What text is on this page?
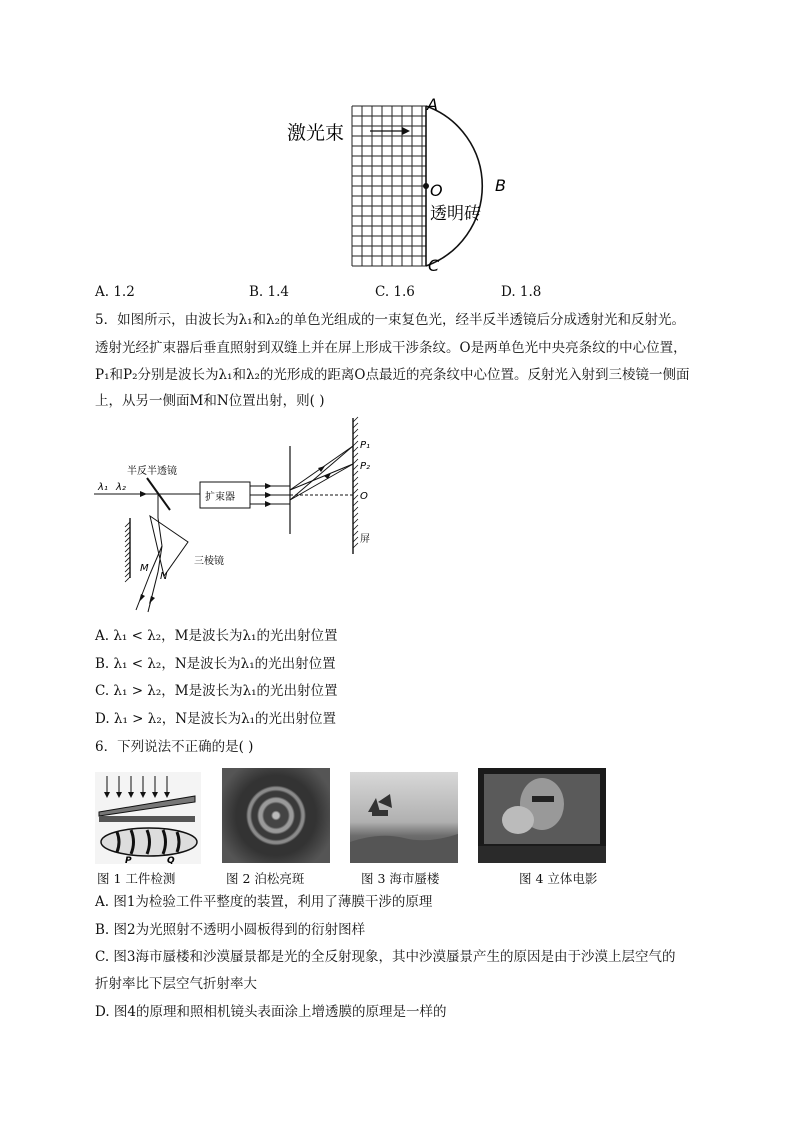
激光束
A
B
C
O
透明砖
A. 1.2	B. 1.4	C. 1.6	D. 1.8
5．如图所示，由波长为λ₁和λ₂的单色光组成的一束复色光，经半反半透镜后分成透射光和反射光。
透射光经扩束器后垂直照射到双缝上并在屏上形成干涉条纹。O是两单色光中央亮条纹的中心位置，
P₁和P₂分别是波长为λ₁和λ₂的光形成的距离O点最近的亮条纹中心位置。反射光入射到三棱镜一侧面
上，从另一侧面M和N位置出射，则( )
λ₁ λ₂
半反半透镜
扩束器
P₁
P₂
O
屏
三棱镜
M
N
A. λ₁ < λ₂，M是波长为λ₁的光出射位置
B. λ₁ < λ₂，N是波长为λ₁的光出射位置
C. λ₁ > λ₂，M是波长为λ₁的光出射位置
D. λ₁ > λ₂，N是波长为λ₁的光出射位置
6．下列说法不正确的是( )
P	Q
图 1 工件检测	图 2 泊松亮斑	图 3 海市蜃楼	图 4 立体电影
A. 图1为检验工件平整度的装置，利用了薄膜干涉的原理
B. 图2为光照射不透明小圆板得到的衍射图样
C. 图3海市蜃楼和沙漠蜃景都是光的全反射现象，其中沙漠蜃景产生的原因是由于沙漠上层空气的
折射率比下层空气折射率大
D. 图4的原理和照相机镜头表面涂上增透膜的原理是一样的
